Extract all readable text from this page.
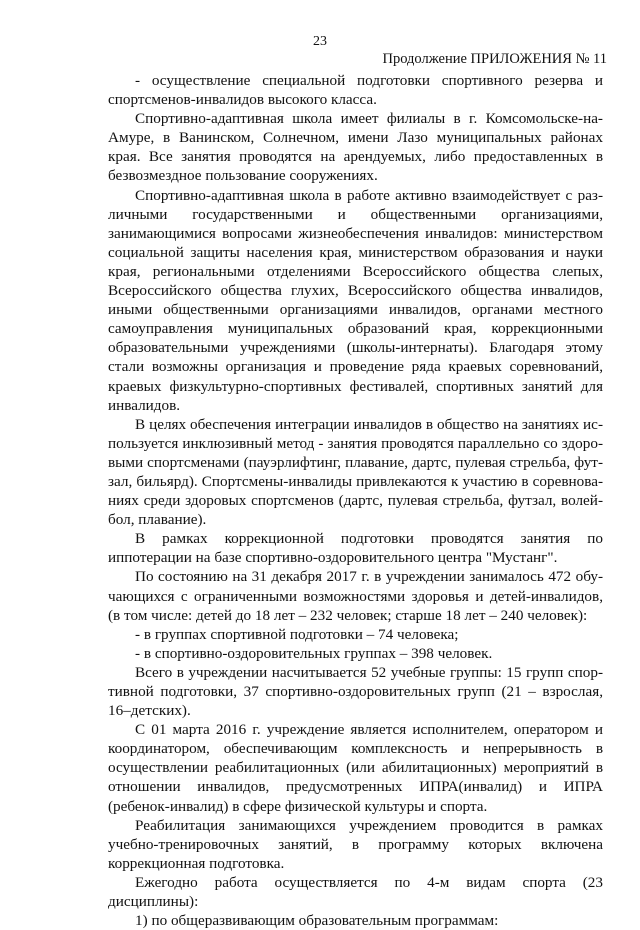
23
Продолжение ПРИЛОЖЕНИЯ № 11

- осуществление специальной подготовки спортивного резерва и спортсменов-инвалидов высокого класса.

Спортивно-адаптивная школа имеет филиалы в г. Комсомольске-на-Амуре, в Ванинском, Солнечном, имени Лазо муниципальных районах края. Все занятия проводятся на арендуемых, либо предоставленных в безвозмездное пользование сооружениях.

Спортивно-адаптивная школа в работе активно взаимодействует с различными государственными и общественными организациями, занимающимися вопросами жизнеобеспечения инвалидов: министерством социальной защиты населения края, министерством образования и науки края, региональными отделениями Всероссийского общества слепых, Всероссийского общества глухих, Всероссийского общества инвалидов, иными общественными организациями инвалидов, органами местного самоуправления муниципальных образований края, коррекционными образовательными учреждениями (школы-интернаты). Благодаря этому стали возможны организация и проведение ряда краевых соревнований, краевых физкультурно-спортивных фестивалей, спортивных занятий для инвалидов.

В целях обеспечения интеграции инвалидов в общество на занятиях используется инклюзивный метод - занятия проводятся параллельно со здоровыми спортсменами (пауэрлифтинг, плавание, дартс, пулевая стрельба, футзал, бильярд). Спортсмены-инвалиды привлекаются к участию в соревнованиях среди здоровых спортсменов (дартс, пулевая стрельба, футзал, волейбол, плавание).

В рамках коррекционной подготовки проводятся занятия по иппотерации на базе спортивно-оздоровительного центра "Мустанг".

По состоянию на 31 декабря 2017 г. в учреждении занималось 472 обучающихся с ограниченными возможностями здоровья и детей-инвалидов, (в том числе: детей до 18 лет – 232 человек; старше 18 лет – 240 человек):

- в группах спортивной подготовки – 74 человека;

- в спортивно-оздоровительных группах – 398 человек.

Всего в учреждении насчитывается 52 учебные группы: 15 групп спортивной подготовки, 37 спортивно-оздоровительных групп (21 – взрослая, 16–детских).

С 01 марта 2016 г. учреждение является исполнителем, оператором и координатором, обеспечивающим комплексность и непрерывность в осуществлении реабилитационных (или абилитационных) мероприятий в отношении инвалидов, предусмотренных ИПРА(инвалид) и ИПРА (ребенок-инвалид) в сфере физической культуры и спорта.

Реабилитация занимающихся учреждением проводится в рамках учебно-тренировочных занятий, в программу которых включена коррекционная подготовка.

Ежегодно работа осуществляется по 4-м видам спорта (23 дисциплины):

1) по общеразвивающим образовательным программам:
